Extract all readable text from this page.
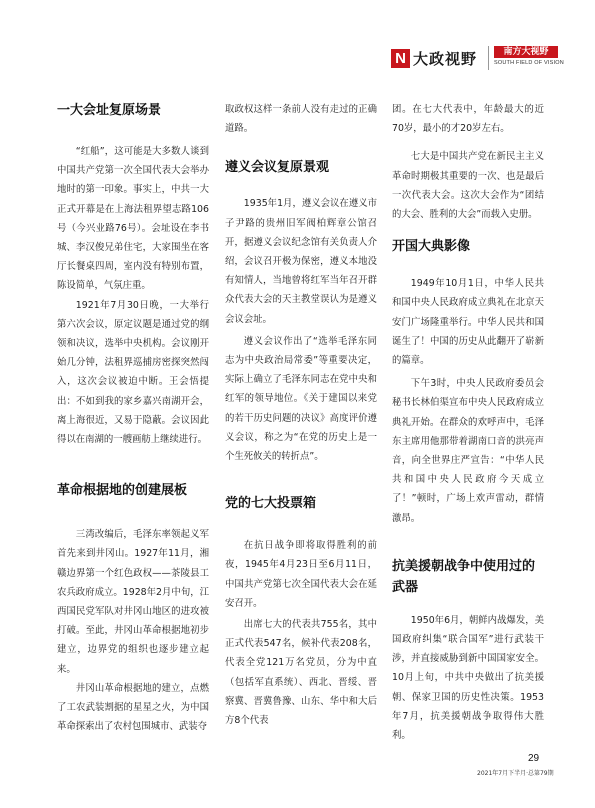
N 大政视野	南方大视野
SOUTH FIELD OF VISION
一大会址复原场景

“红船”，这可能是大多数人谈到中国共产党第一次全国代表大会举办地时的第一印象。事实上，中共一大正式开幕是在上海法租界望志路106号（今兴业路76号）。会址设在李书城、李汉俊兄弟住宅，大家围坐在客厅长餐桌四周，室内没有特别布置，陈设简单，气氛庄重。

1921年7月30日晚，一大举行第六次会议，原定议题是通过党的纲领和决议，选举中央机构。会议刚开始几分钟，法租界巡捕房密探突然闯入，这次会议被迫中断。王会悟提出：不如到我的家乡嘉兴南湖开会，离上海很近，又易于隐蔽。会议因此得以在南湖的一艘画舫上继续进行。

革命根据地的创建展板

三湾改编后，毛泽东率领起义军首先来到井冈山。1927年11月，湘赣边界第一个红色政权——茶陵县工农兵政府成立。1928年2月中旬，江西国民党军队对井冈山地区的进攻被打破。至此，井冈山革命根据地初步建立，边界党的组织也逐步建立起来。

井冈山革命根据地的建立，点燃了工农武装割据的星星之火，为中国革命探索出了农村包围城市、武装夺

取政权这样一条前人没有走过的正确道路。

遵义会议复原景观

1935年1月，遵义会议在遵义市子尹路的贵州旧军阀柏辉章公馆召开，据遵义会议纪念馆有关负责人介绍，会议召开极为保密，遵义本地没有知情人，当地曾将红军当年召开群众代表大会的天主教堂误认为是遵义会议会址。

遵义会议作出了“选举毛泽东同志为中央政治局常委”等重要决定，实际上确立了毛泽东同志在党中央和红军的领导地位。《关于建国以来党的若干历史问题的决议》高度评价遵义会议，称之为“在党的历史上是一个生死攸关的转折点”。

党的七大投票箱

在抗日战争即将取得胜利的前夜，1945年4月23日至6月11日，中国共产党第七次全国代表大会在延安召开。

出席七大的代表共755名，其中正式代表547名，候补代表208名，代表全党121万名党员，分为中直（包括军直系统）、西北、晋绥、晋察冀、晋冀鲁豫、山东、华中和大后方8个代表

团。在七大代表中，年龄最大的近70岁，最小的才20岁左右。

七大是中国共产党在新民主主义革命时期极其重要的一次、也是最后一次代表大会。这次大会作为“团结的大会、胜利的大会”而载入史册。

开国大典影像

1949年10月1日，中华人民共和国中央人民政府成立典礼在北京天安门广场隆重举行。中华人民共和国诞生了！中国的历史从此翻开了崭新的篇章。

下午3时，中央人民政府委员会秘书长林伯渠宣布中央人民政府成立典礼开始。在群众的欢呼声中，毛泽东主席用他那带着湖南口音的洪亮声音，向全世界庄严宣告：“中华人民共和国中央人民政府今天成立了！”顿时，广场上欢声雷动，群情激昂。

抗美援朝战争中使用过的武器

1950年6月，朝鲜内战爆发，美国政府纠集“联合国军”进行武装干涉，并直接威胁到新中国国家安全。10月上旬，中共中央做出了抗美援朝、保家卫国的历史性决策。1953年7月，抗美援朝战争取得伟大胜利。

29
2021年7月下半月·总第79期
